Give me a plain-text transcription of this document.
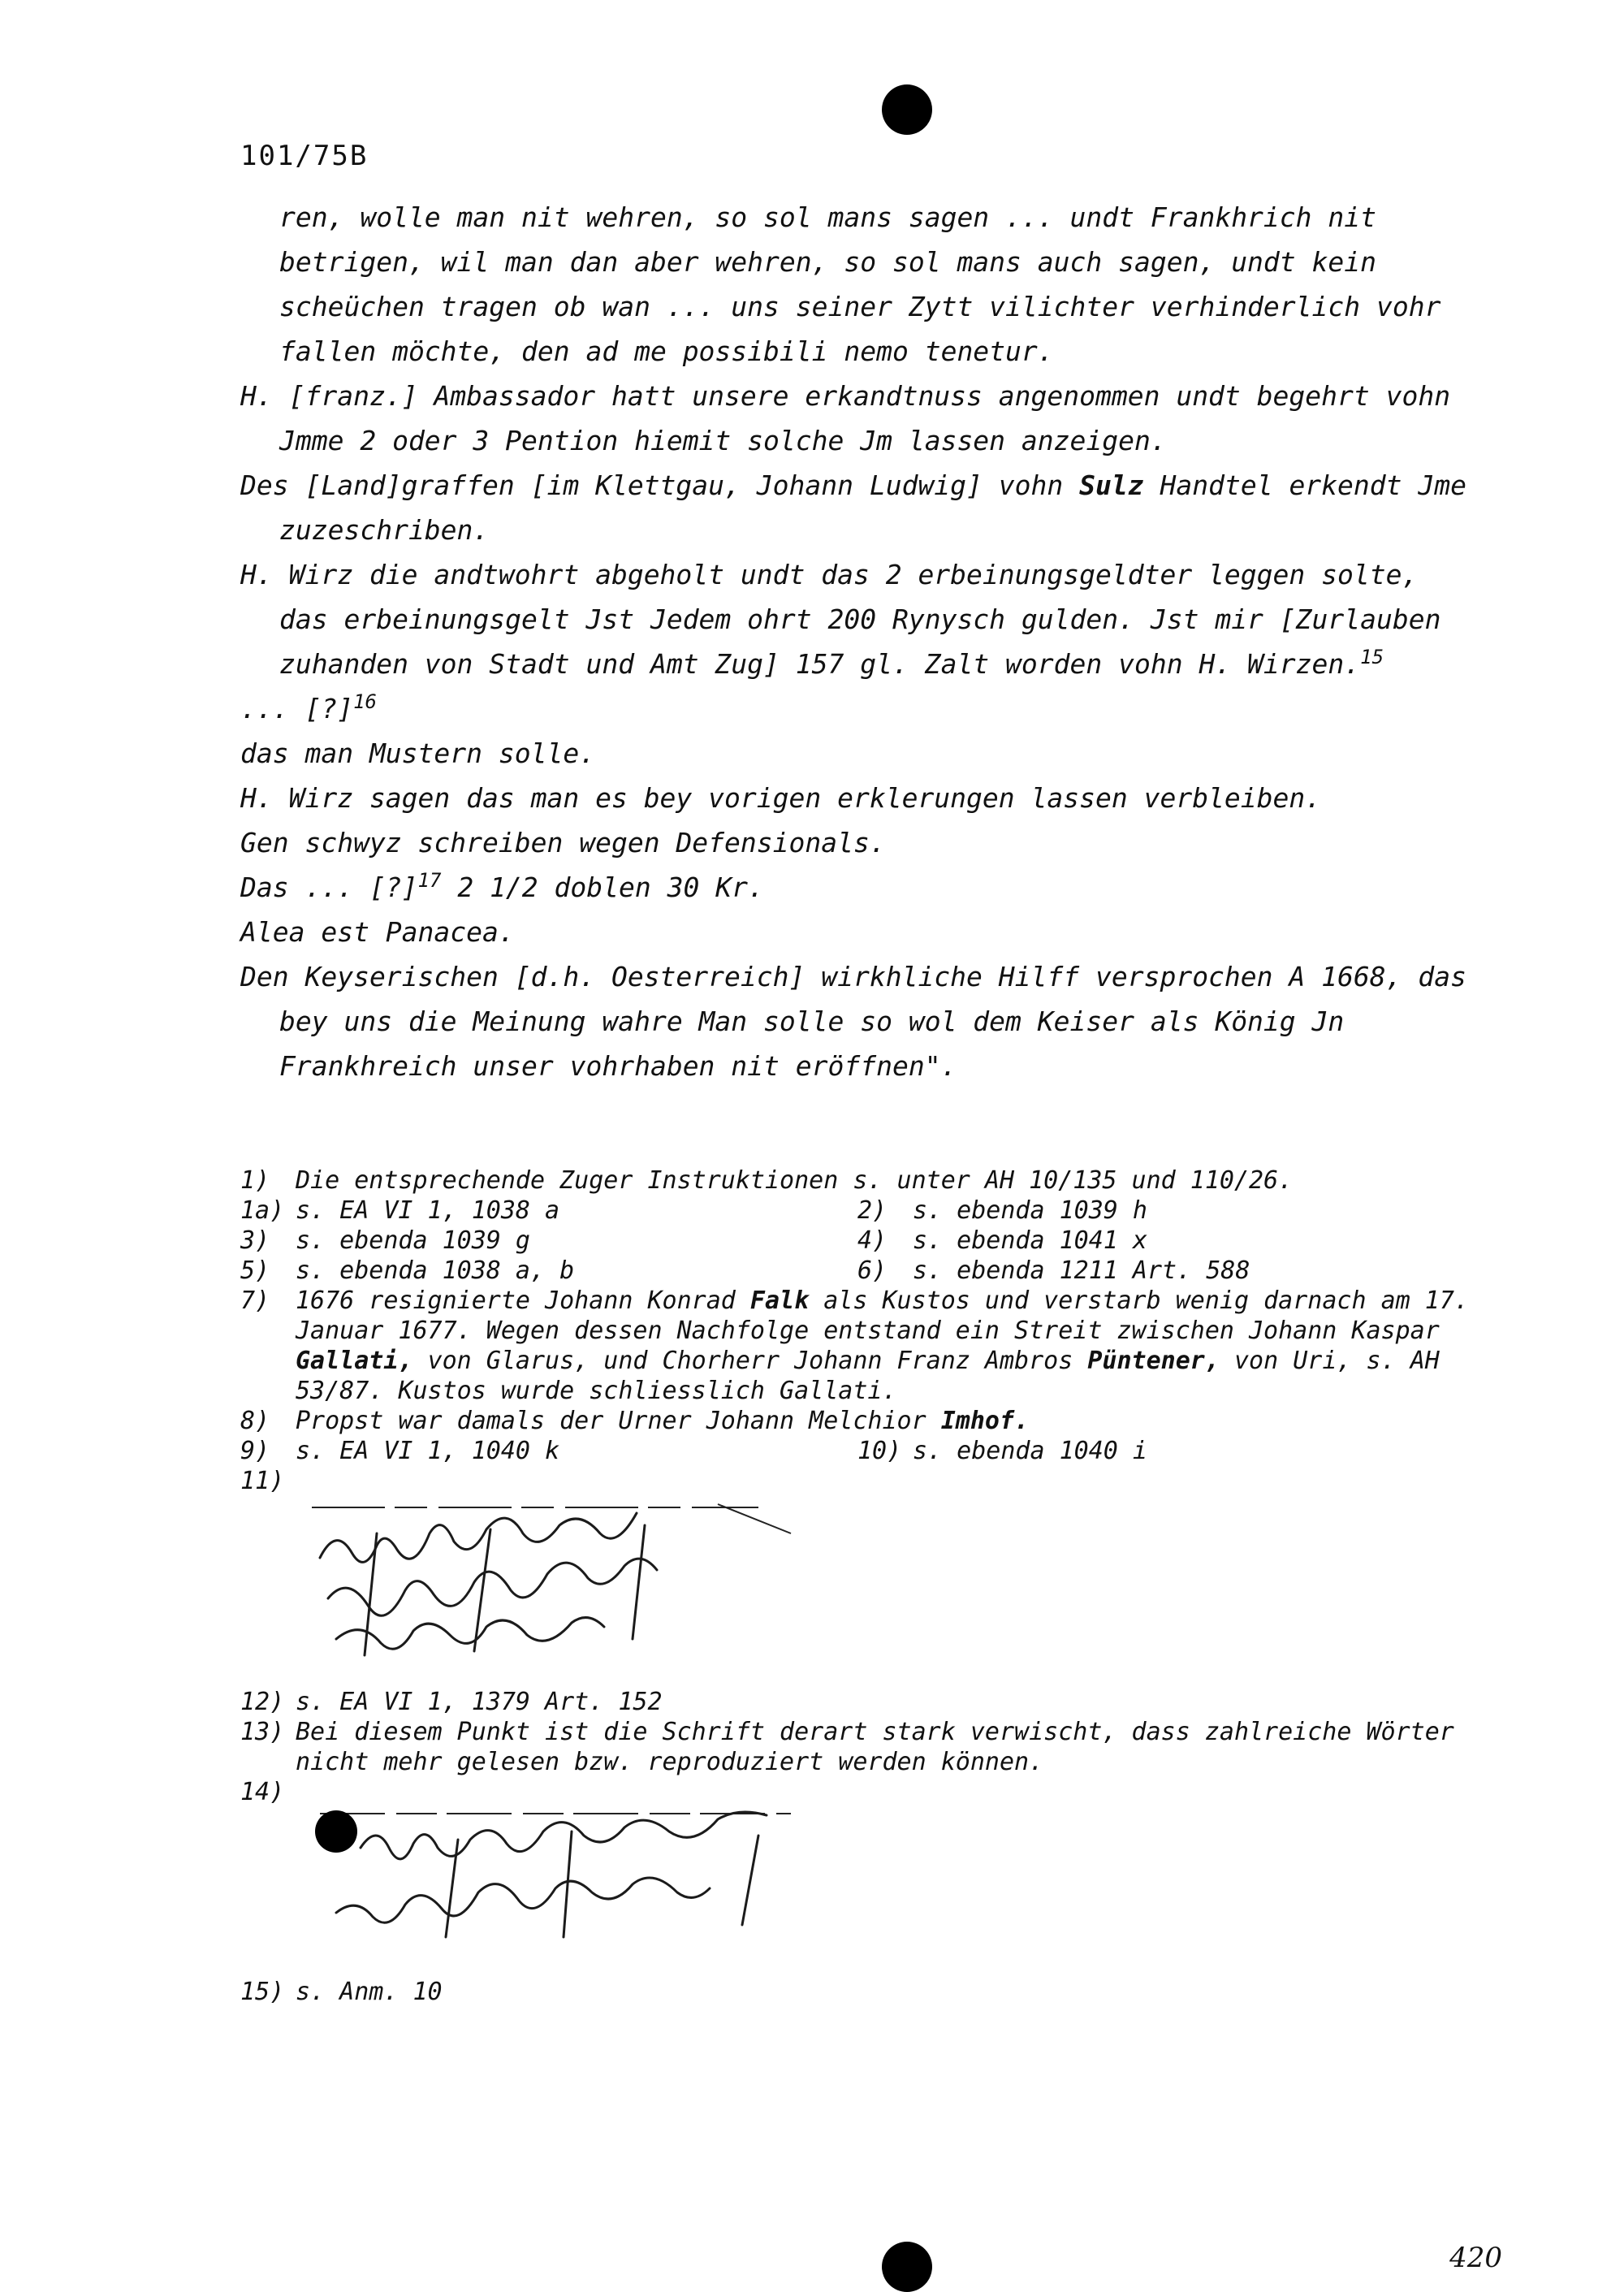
101/75B

ren, wolle man nit wehren, so sol mans sagen ... undt Frankhrich nit betrigen, wil man dan aber wehren, so sol mans auch sagen, undt kein scheüchen tragen ob wan ... uns seiner Zytt vilichter verhinderlich vohr fallen möchte, den ad me possibili nemo tenetur.

H. [franz.] Ambassador hatt unsere erkandtnuss angenommen undt begehrt vohn Jmme 2 oder 3 Pention hiemit solche Jm lassen anzeigen.

Des [Land]graffen [im Klettgau, Johann Ludwig] vohn Sulz Handtel erkendt Jme zuzeschriben.

H. Wirz die andtwohrt abgeholt undt das 2 erbeinungsgeldter leggen solte, das erbeinungsgelt Jst Jedem ohrt 200 Rynysch gulden. Jst mir [Zurlauben zuhanden von Stadt und Amt Zug] 157 gl. Zalt worden vohn H. Wirzen.$^{15}$

... [?]$^{16}$

das man Mustern solle.

H. Wirz sagen das man es bey vorigen erklerungen lassen verbleiben.

Gen schwyz schreiben wegen Defensionals.

Das ... [?]$^{17}$ 2 1/2 doblen 30 Kr.

Alea est Panacea.

Den Keyserischen [d.h. Oesterreich] wirkhliche Hilff versprochen A 1668, das bey uns die Meinung wahre Man solle so wol dem Keiser als König Jn Frankhreich unser vohrhaben nit eröffnen".

1)	Die entsprechende Zuger Instruktionen s. unter AH 10/135 und 110/26.
1a) s. EA VI 1, 1038 a	2)	s. ebenda 1039 h
3)	s. ebenda 1039 g	4)	s. ebenda 1041 x
5)	s. ebenda 1038 a, b	6)	s. ebenda 1211 Art. 588
7)	1676 resignierte Johann Konrad Falk als Kustos und verstarb wenig darnach am 17. Januar 1677. Wegen dessen Nachfolge entstand ein Streit zwischen Johann Kaspar Gallati, von Glarus, und Chorherr Johann Franz Ambros Püntener, von Uri, s. AH 53/87. Kustos wurde schliesslich Gallati.
8)	Propst war damals der Urner Johann Melchior Imhof.
9)	s. EA VI 1, 1040 k	10) s. ebenda 1040 i
11)
12) s. EA VI 1, 1379 Art. 152
13) Bei diesem Punkt ist die Schrift derart stark verwischt, dass zahlreiche Wörter nicht mehr gelesen bzw. reproduziert werden können.
14)
15) s. Anm. 10
420
